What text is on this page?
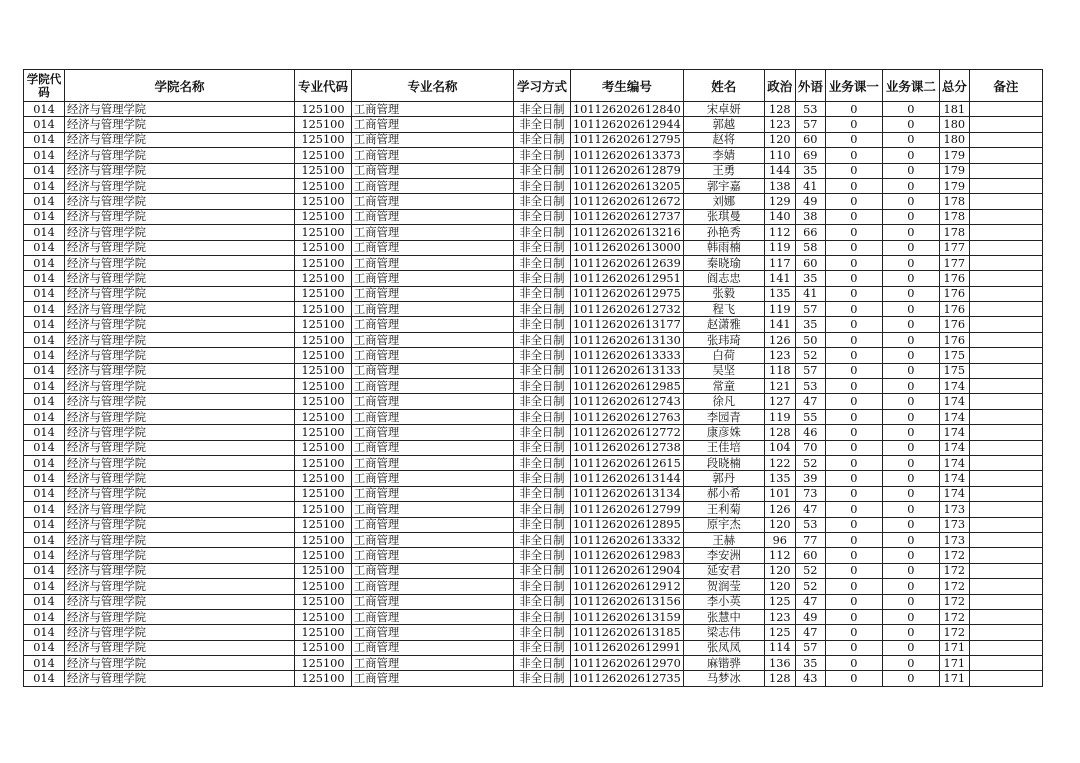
学院代码	学院名称	专业代码	专业名称	学习方式	考生编号	姓名	政治	外语	业务课一	业务课二	总分	备注
014	经济与管理学院	125100	工商管理	非全日制	101126202612840	宋卓妍	128	53	0	0	181	
014	经济与管理学院	125100	工商管理	非全日制	101126202612944	郭越	123	57	0	0	180	
014	经济与管理学院	125100	工商管理	非全日制	101126202612795	赵将	120	60	0	0	180	
014	经济与管理学院	125100	工商管理	非全日制	101126202613373	李婧	110	69	0	0	179	
014	经济与管理学院	125100	工商管理	非全日制	101126202612879	王勇	144	35	0	0	179	
014	经济与管理学院	125100	工商管理	非全日制	101126202613205	郭宇嘉	138	41	0	0	179	
014	经济与管理学院	125100	工商管理	非全日制	101126202612672	刘娜	129	49	0	0	178	
014	经济与管理学院	125100	工商管理	非全日制	101126202612737	张琪曼	140	38	0	0	178	
014	经济与管理学院	125100	工商管理	非全日制	101126202613216	孙艳秀	112	66	0	0	178	
014	经济与管理学院	125100	工商管理	非全日制	101126202613000	韩雨楠	119	58	0	0	177	
014	经济与管理学院	125100	工商管理	非全日制	101126202612639	秦晓瑜	117	60	0	0	177	
014	经济与管理学院	125100	工商管理	非全日制	101126202612951	阎志忠	141	35	0	0	176	
014	经济与管理学院	125100	工商管理	非全日制	101126202612975	张毅	135	41	0	0	176	
014	经济与管理学院	125100	工商管理	非全日制	101126202612732	程飞	119	57	0	0	176	
014	经济与管理学院	125100	工商管理	非全日制	101126202613177	赵潇雅	141	35	0	0	176	
014	经济与管理学院	125100	工商管理	非全日制	101126202613130	张玮琦	126	50	0	0	176	
014	经济与管理学院	125100	工商管理	非全日制	101126202613333	白荷	123	52	0	0	175	
014	经济与管理学院	125100	工商管理	非全日制	101126202613133	吴坚	118	57	0	0	175	
014	经济与管理学院	125100	工商管理	非全日制	101126202612985	常童	121	53	0	0	174	
014	经济与管理学院	125100	工商管理	非全日制	101126202612743	徐凡	127	47	0	0	174	
014	经济与管理学院	125100	工商管理	非全日制	101126202612763	李园青	119	55	0	0	174	
014	经济与管理学院	125100	工商管理	非全日制	101126202612772	康彦姝	128	46	0	0	174	
014	经济与管理学院	125100	工商管理	非全日制	101126202612738	王佳培	104	70	0	0	174	
014	经济与管理学院	125100	工商管理	非全日制	101126202612615	段晓楠	122	52	0	0	174	
014	经济与管理学院	125100	工商管理	非全日制	101126202613144	郭丹	135	39	0	0	174	
014	经济与管理学院	125100	工商管理	非全日制	101126202613134	郝小希	101	73	0	0	174	
014	经济与管理学院	125100	工商管理	非全日制	101126202612799	王利菊	126	47	0	0	173	
014	经济与管理学院	125100	工商管理	非全日制	101126202612895	原宇杰	120	53	0	0	173	
014	经济与管理学院	125100	工商管理	非全日制	101126202613332	王赫	96	77	0	0	173	
014	经济与管理学院	125100	工商管理	非全日制	101126202612983	李安洲	112	60	0	0	172	
014	经济与管理学院	125100	工商管理	非全日制	101126202612904	延安君	120	52	0	0	172	
014	经济与管理学院	125100	工商管理	非全日制	101126202612912	贺润莹	120	52	0	0	172	
014	经济与管理学院	125100	工商管理	非全日制	101126202613156	李小英	125	47	0	0	172	
014	经济与管理学院	125100	工商管理	非全日制	101126202613159	张慧中	123	49	0	0	172	
014	经济与管理学院	125100	工商管理	非全日制	101126202613185	梁志伟	125	47	0	0	172	
014	经济与管理学院	125100	工商管理	非全日制	101126202612991	张凤凤	114	57	0	0	171	
014	经济与管理学院	125100	工商管理	非全日制	101126202612970	麻锴骅	136	35	0	0	171	
014	经济与管理学院	125100	工商管理	非全日制	101126202612735	马梦冰	128	43	0	0	171	
